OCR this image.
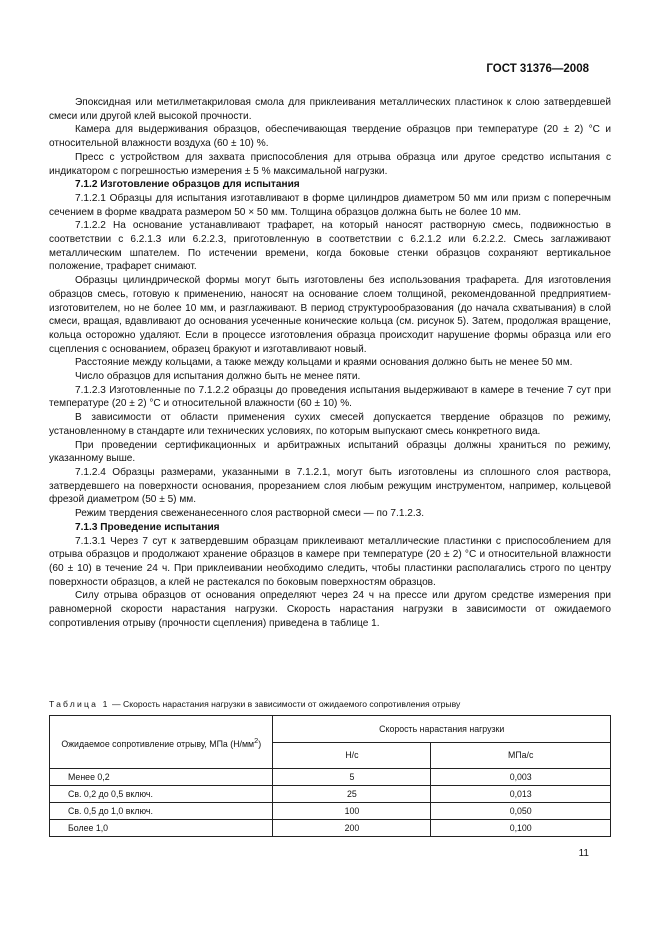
ГОСТ 31376—2008

Эпоксидная или метилметакриловая смола для приклеивания металлических пластинок к слою затвердевшей смеси или другой клей высокой прочности.

Камера для выдерживания образцов, обеспечивающая твердение образцов при температуре (20 ± 2) °С и относительной влажности воздуха (60 ± 10) %.

Пресс с устройством для захвата приспособления для отрыва образца или другое средство испытания с индикатором с погрешностью измерения ± 5 % максимальной нагрузки.

7.1.2 Изготовление образцов для испытания

7.1.2.1 Образцы для испытания изготавливают в форме цилиндров диаметром 50 мм или призм с поперечным сечением в форме квадрата размером 50 × 50 мм. Толщина образцов должна быть не более 10 мм.

7.1.2.2 На основание устанавливают трафарет, на который наносят растворную смесь, подвижностью в соответствии с 6.2.1.3 или 6.2.2.3, приготовленную в соответствии с 6.2.1.2 или 6.2.2.2. Смесь заглаживают металлическим шпателем. По истечении времени, когда боковые стенки образцов сохраняют вертикальное положение, трафарет снимают.

Образцы цилиндрической формы могут быть изготовлены без использования трафарета. Для изготовления образцов смесь, готовую к применению, наносят на основание слоем толщиной, рекомендованной предприятием-изготовителем, но не более 10 мм, и разглаживают. В период структурообразования (до начала схватывания) в слой смеси, вращая, вдавливают до основания усеченные конические кольца (см. рисунок 5). Затем, продолжая вращение, кольца осторожно удаляют. Если в процессе изготовления образца происходит нарушение формы образца или его сцепления с основанием, образец бракуют и изготавливают новый.

Расстояние между кольцами, а также между кольцами и краями основания должно быть не менее 50 мм.

Число образцов для испытания должно быть не менее пяти.

7.1.2.3 Изготовленные по 7.1.2.2 образцы до проведения испытания выдерживают в камере в течение 7 сут при температуре (20 ± 2) °С и относительной влажности (60 ± 10) %.

В зависимости от области применения сухих смесей допускается твердение образцов по режиму, установленному в стандарте или технических условиях, по которым выпускают смесь конкретного вида.

При проведении сертификационных и арбитражных испытаний образцы должны храниться по режиму, указанному выше.

7.1.2.4 Образцы размерами, указанными в 7.1.2.1, могут быть изготовлены из сплошного слоя раствора, затвердевшего на поверхности основания, прорезанием слоя любым режущим инструментом, например, кольцевой фрезой диаметром (50 ± 5) мм.

Режим твердения свеженанесенного слоя растворной смеси — по 7.1.2.3.

7.1.3 Проведение испытания

7.1.3.1 Через 7 сут к затвердевшим образцам приклеивают металлические пластинки с приспособлением для отрыва образцов и продолжают хранение образцов в камере при температуре (20 ± 2) °С и относительной влажности (60 ± 10) в течение 24 ч. При приклеивании необходимо следить, чтобы пластинки располагались строго по центру поверхности образцов, а клей не растекался по боковым поверхностям образцов.

Силу отрыва образцов от основания определяют через 24 ч на прессе или другом средстве измерения при равномерной скорости нарастания нагрузки. Скорость нарастания нагрузки в зависимости от ожидаемого сопротивления отрыву (прочности сцепления) приведена в таблице 1.

Таблица 1 — Скорость нарастания нагрузки в зависимости от ожидаемого сопротивления отрыву
Ожидаемое сопротивление отрыву, МПа $(Н/мм^2)$	Скорость нарастания нагрузки	
	Н/с	МПа/с
Менее 0,2	5	0,003
Св. 0,2 до 0,5 включ.	25	0,013
Св. 0,5 до 1,0 включ.	100	0,050
Более 1,0	200	0,100
11
